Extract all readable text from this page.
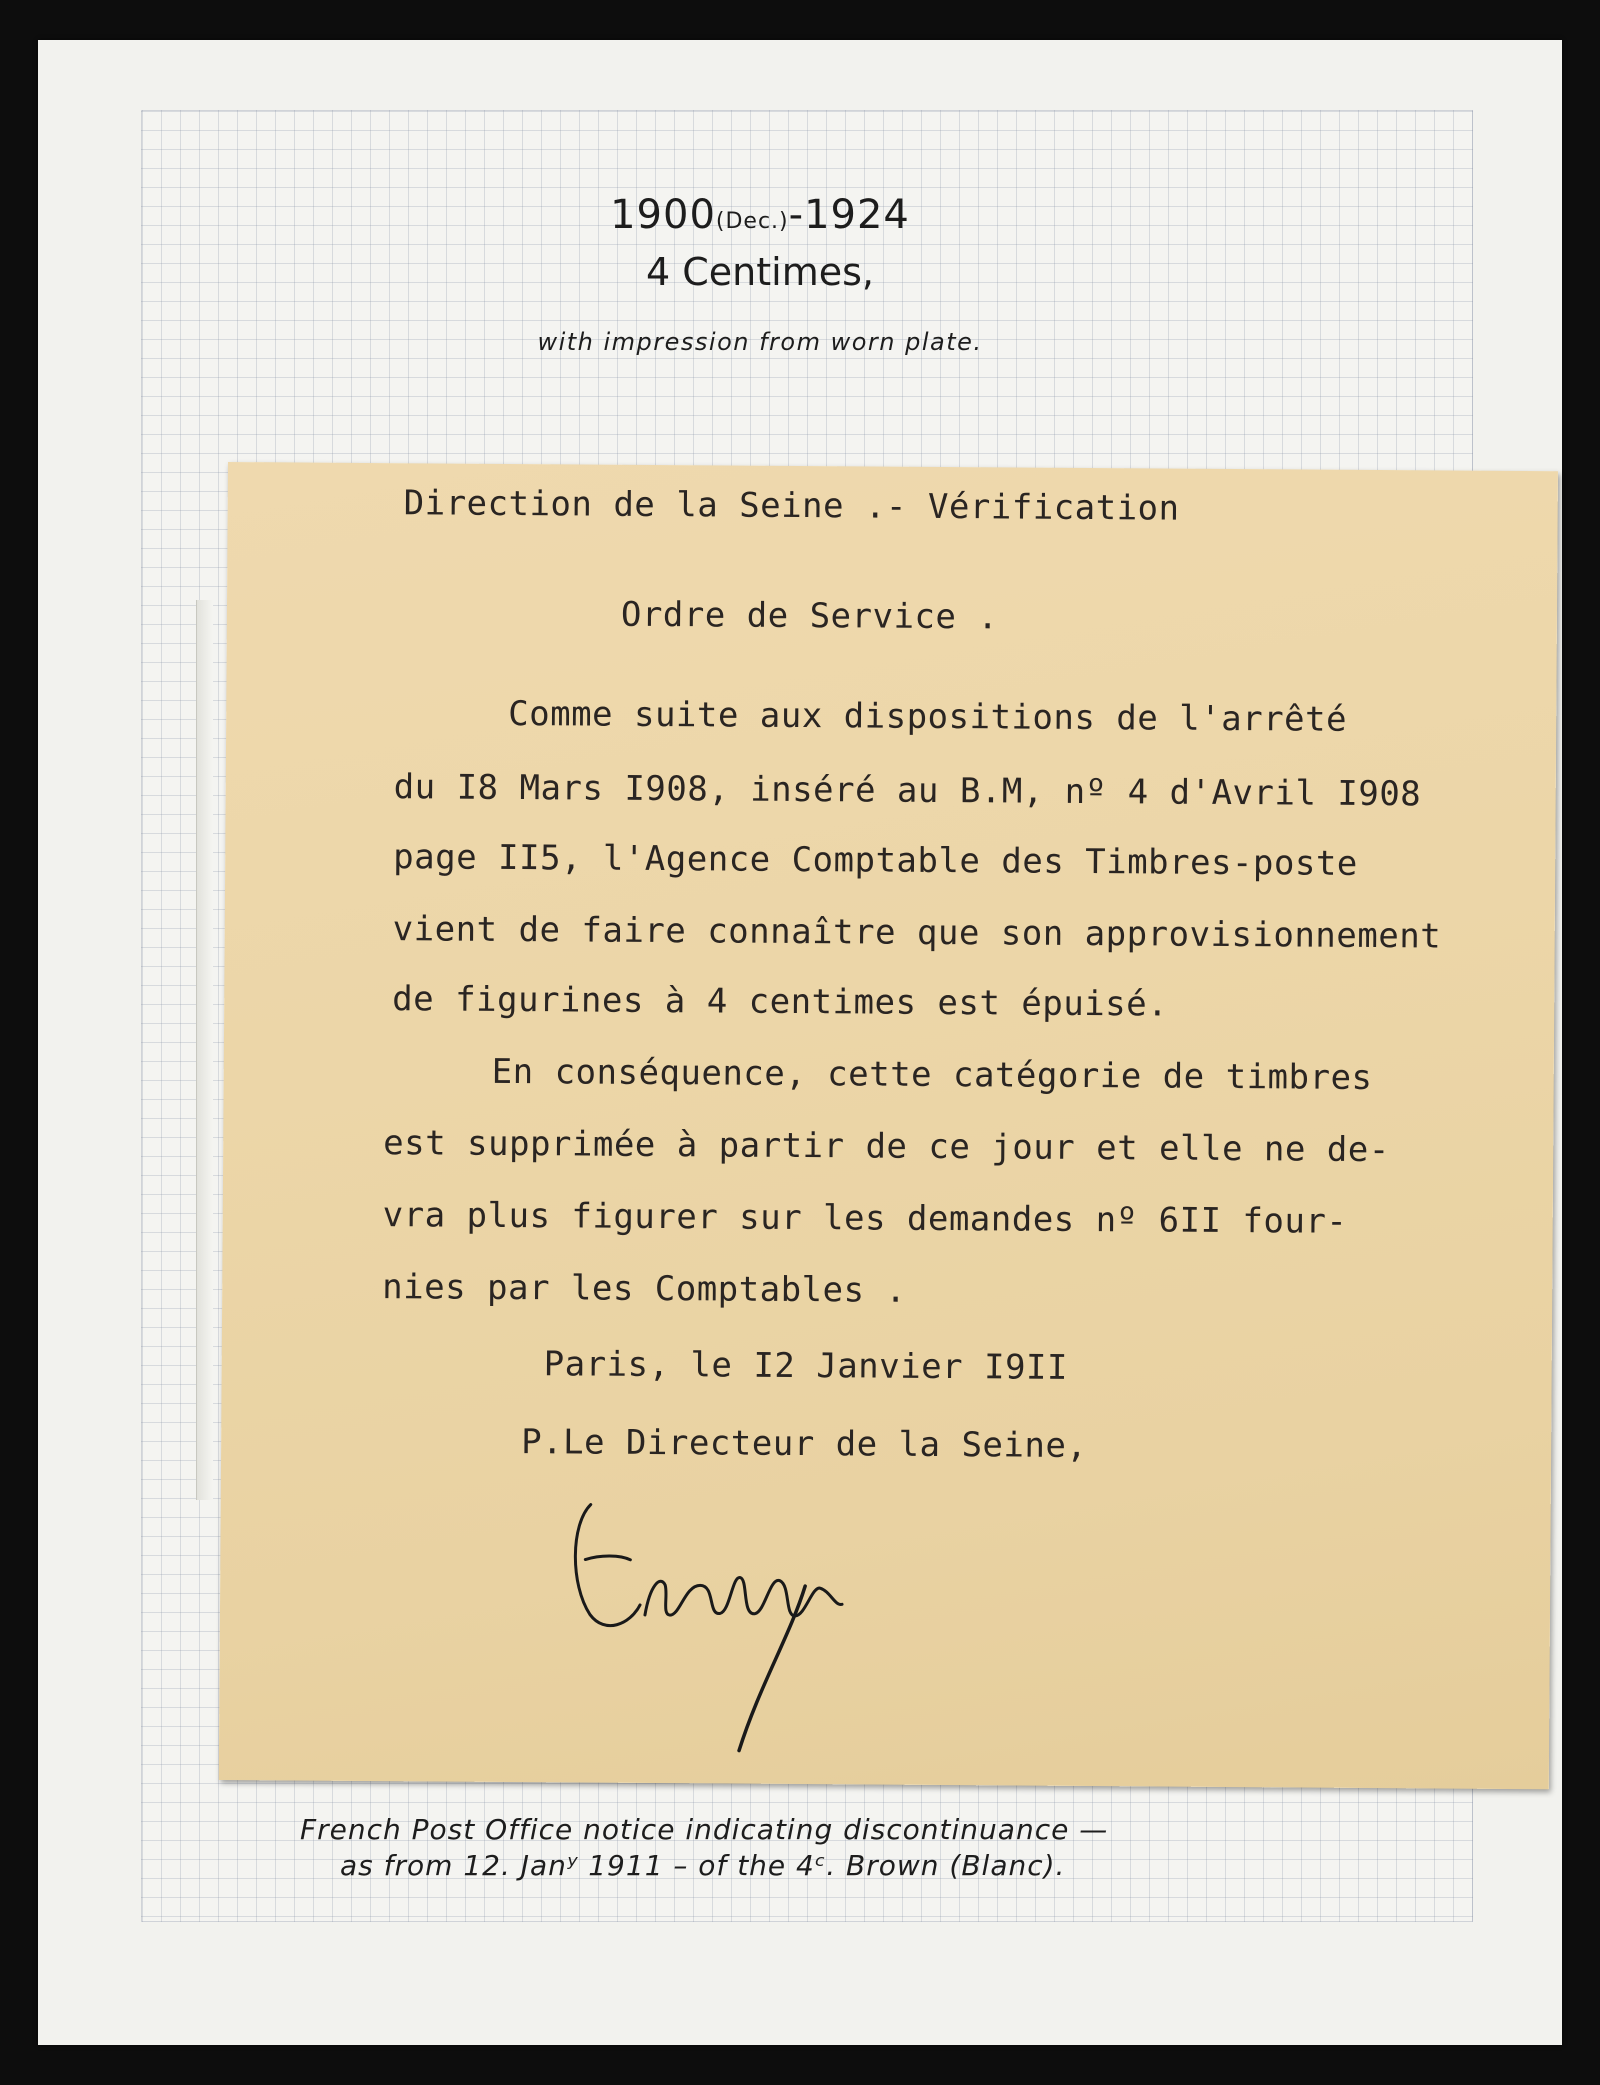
1900(Dec.)-1924
4 Centimes,
with impression from worn plate.
Direction de la Seine .- Vérification
Ordre de Service .
Comme suite aux dispositions de l'arrêté
du I8 Mars I908, inséré au B.M, nº 4 d'Avril I908
page II5, l'Agence Comptable des Timbres-poste
vient de faire connaître que son approvisionnement
de figurines à 4 centimes est épuisé.
En conséquence, cette catégorie de timbres
est supprimée à partir de ce jour et elle ne de-
vra plus figurer sur les demandes nº 6II four-
nies par les Comptables .
Paris, le I2 Janvier I9II
P.Le Directeur de la Seine,
French Post Office notice indicating discontinuance —
as from 12. Janʸ 1911 – of the 4ᶜ. Brown (Blanc).
